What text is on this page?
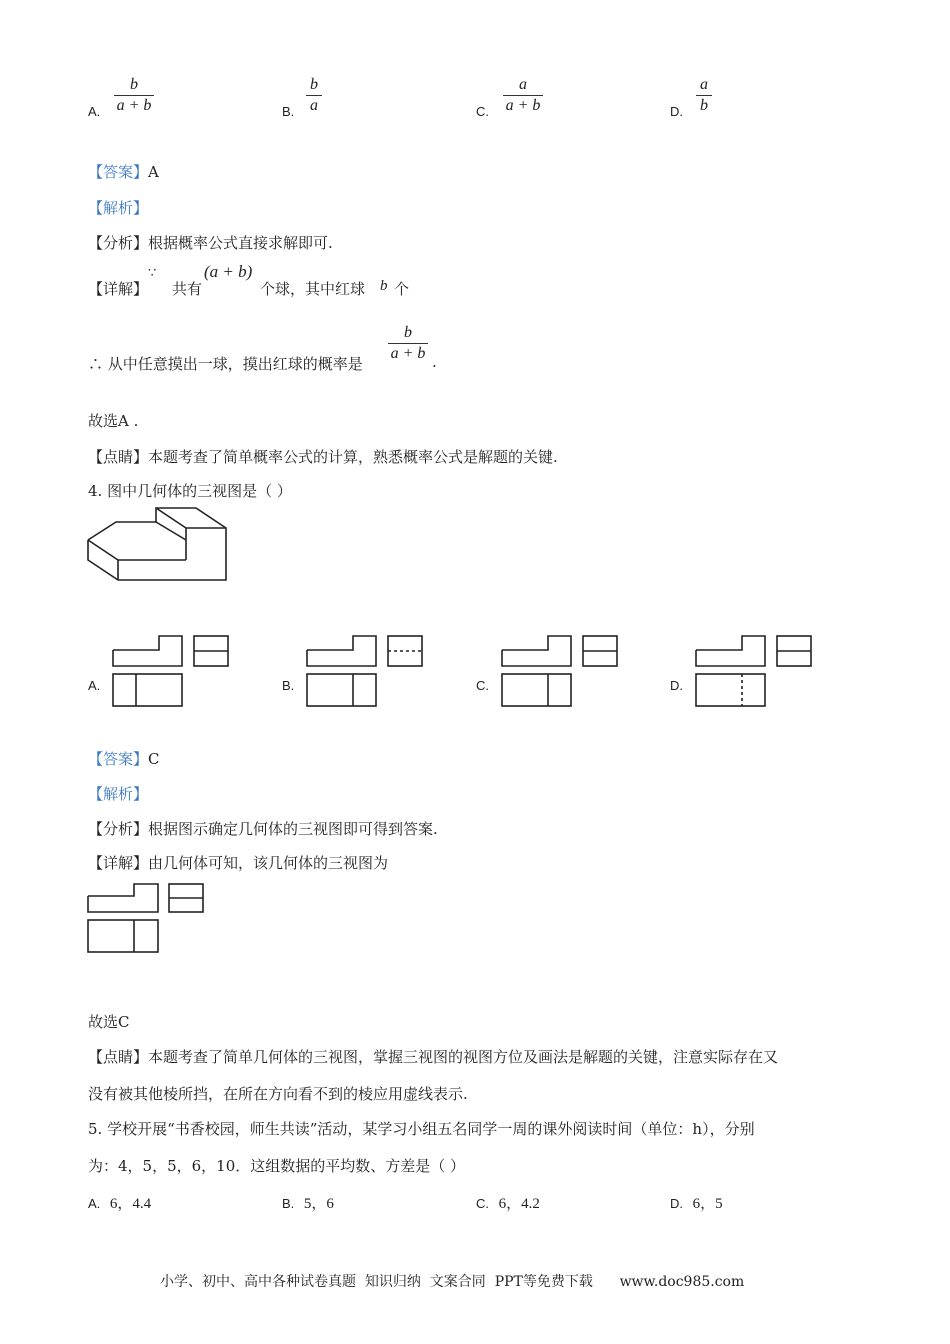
A.
b
a + b	B.
b
a	C.
a
a + b	D.
a
b
【答案】A
【解析】
【分析】根据概率公式直接求解即可.
【详解】
∵
共有
(a + b)
个球，其中红球 b 个
∴ 从中任意摸出一球，摸出红球的概率是
b
a + b .
故选A .
【点睛】本题考查了简单概率公式的计算，熟悉概率公式是解题的关键.
4. 图中几何体的三视图是（ ）
A.	B.	C.	D.
【答案】C
【解析】
【分析】根据图示确定几何体的三视图即可得到答案.
【详解】由几何体可知，该几何体的三视图为
故选C
【点睛】本题考查了简单几何体的三视图，掌握三视图的视图方位及画法是解题的关键，注意实际存在又
没有被其他棱所挡，在所在方向看不到的棱应用虚线表示.
5. 学校开展“书香校园，师生共读”活动，某学习小组五名同学一周的课外阅读时间（单位：h），分别
为：4，5，5，6，10．这组数据的平均数、方差是（ ）
A. 6，4.4	B. 5，6	C. 6，4.2	D. 6，5
小学、初中、高中各种试卷真题  知识归纳  文案合同  PPT等免费下载      www.doc985.com
